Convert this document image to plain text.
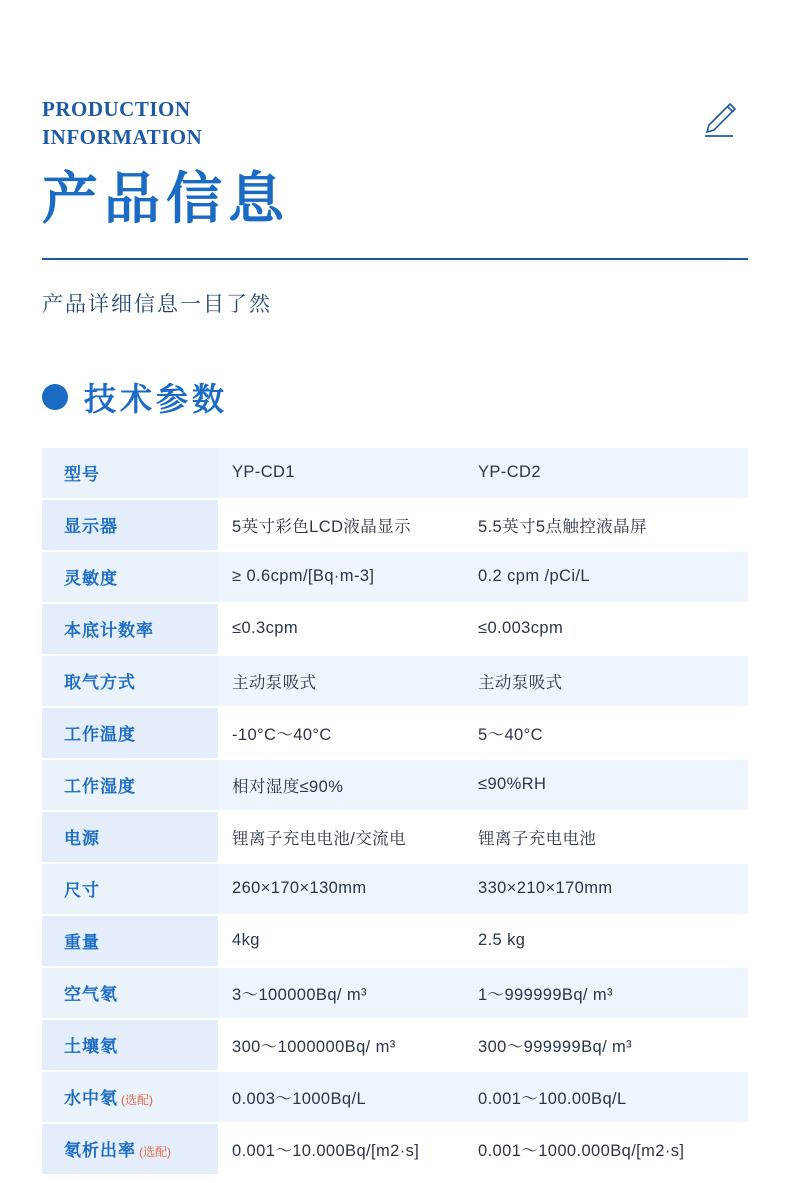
PRODUCTION
INFORMATION
产品信息
产品详细信息一目了然
技术参数
型号	YP-CD1	YP-CD2
显示器	5英寸彩色LCD液晶显示	5.5英寸5点触控液晶屏
灵敏度	≥ 0.6cpm/[Bq·m-3]	0.2 cpm /pCi/L
本底计数率	≤0.3cpm	≤0.003cpm
取气方式	主动泵吸式	主动泵吸式
工作温度	-10°C～40°C	5～40°C
工作湿度	相对湿度≤90%	≤90%RH
电源	锂离子充电电池/交流电	锂离子充电电池
尺寸	260×170×130mm	330×210×170mm
重量	4kg	2.5 kg
空气氡	3～100000Bq/ m³	1～999999Bq/ m³
土壤氡	300～1000000Bq/ m³	300～999999Bq/ m³
水中氡 (选配)	0.003～1000Bq/L	0.001～100.00Bq/L
氡析出率 (选配)	0.001～10.000Bq/[m2·s]	0.001～1000.000Bq/[m2·s]
